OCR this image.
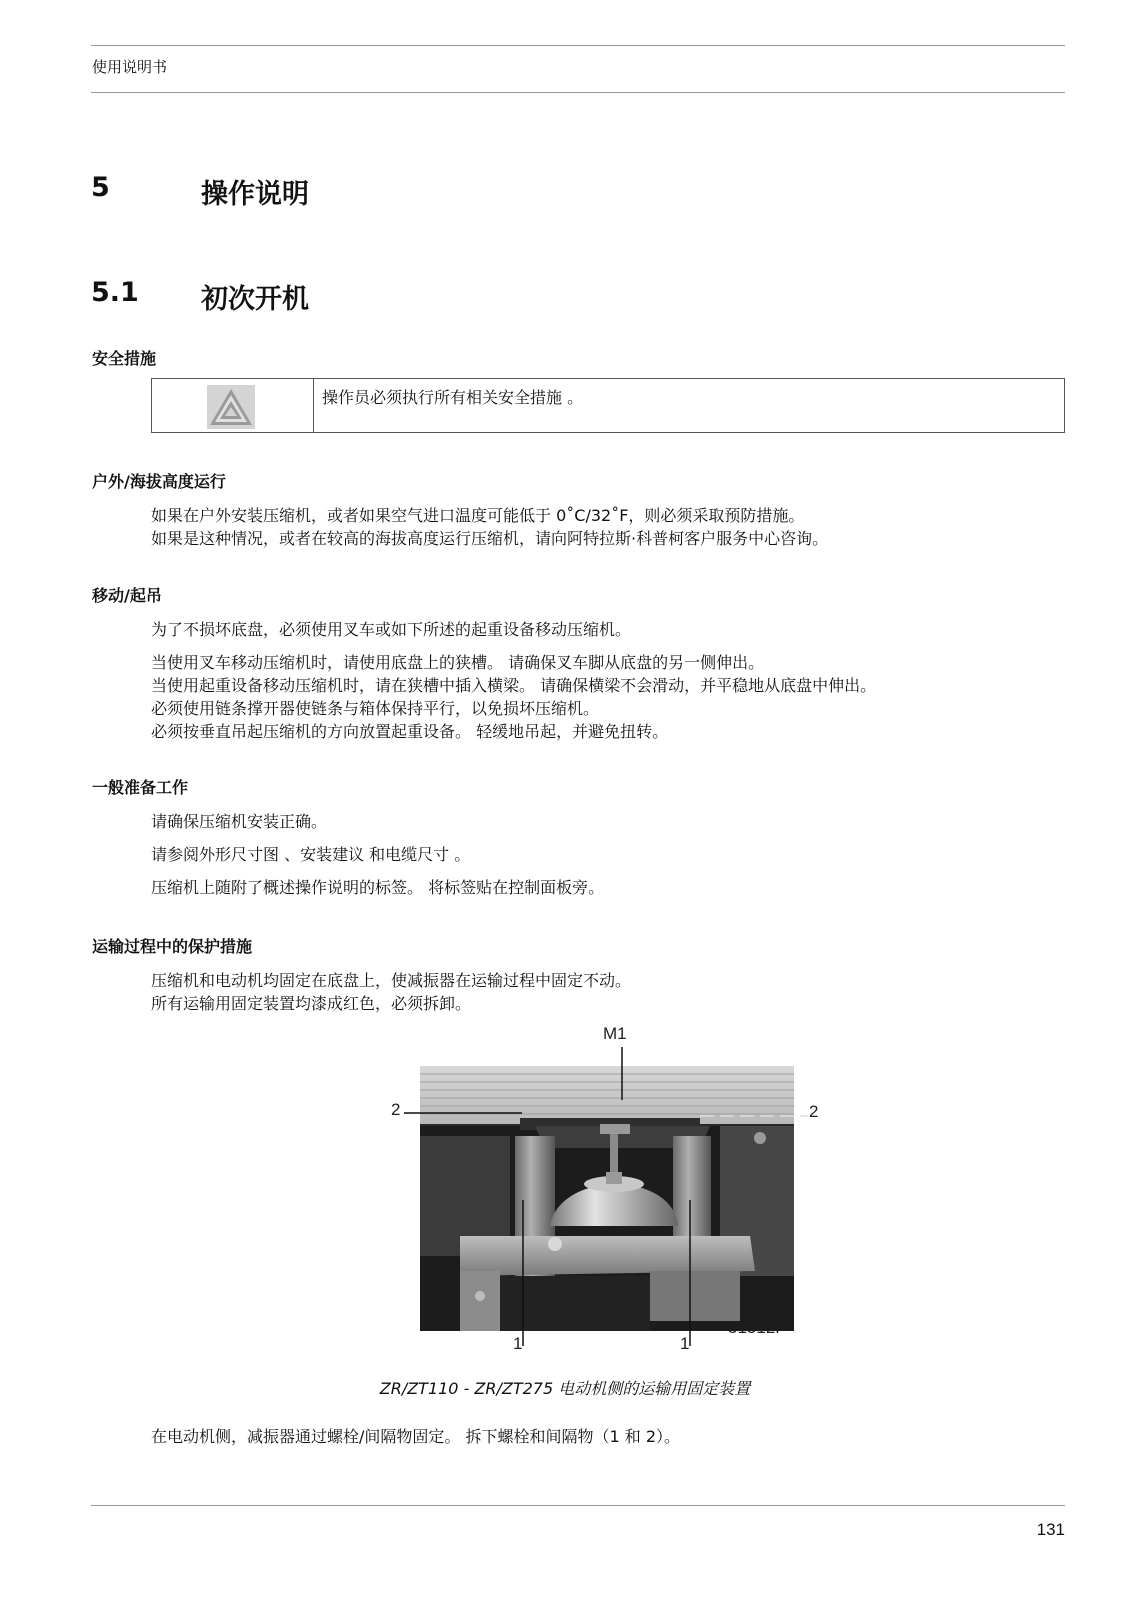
使用说明书
5	操作说明
5.1 初次开机
安全措施
操作员必须执行所有相关安全措施 。
户外/海拔高度运行
如果在户外安装压缩机，或者如果空气进口温度可能低于 0˚C/32˚F，则必须采取预防措施。
如果是这种情况，或者在较高的海拔高度运行压缩机，请向阿特拉斯·科普柯客户服务中心咨询。
移动/起吊
为了不损坏底盘，必须使用叉车或如下所述的起重设备移动压缩机。
当使用叉车移动压缩机时，请使用底盘上的狭槽。 请确保叉车脚从底盘的另一侧伸出。
当使用起重设备移动压缩机时，请在狭槽中插入横梁。 请确保横梁不会滑动，并平稳地从底盘中伸出。
必须使用链条撑开器使链条与箱体保持平行，以免损坏压缩机。
必须按垂直吊起压缩机的方向放置起重设备。 轻缓地吊起，并避免扭转。
一般准备工作
请确保压缩机安装正确。
请参阅外形尺寸图 、安装建议 和电缆尺寸 。
压缩机上随附了概述操作说明的标签。 将标签贴在控制面板旁。
运输过程中的保护措施
压缩机和电动机均固定在底盘上，使减振器在运输过程中固定不动。
所有运输用固定装置均漆成红色，必须拆卸。
M1
2	2
1	1
ZR/ZT110 - ZR/ZT275 电动机侧的运输用固定装置
在电动机侧，减振器通过螺栓/间隔物固定。 拆下螺栓和间隔物（1 和 2）。
131
